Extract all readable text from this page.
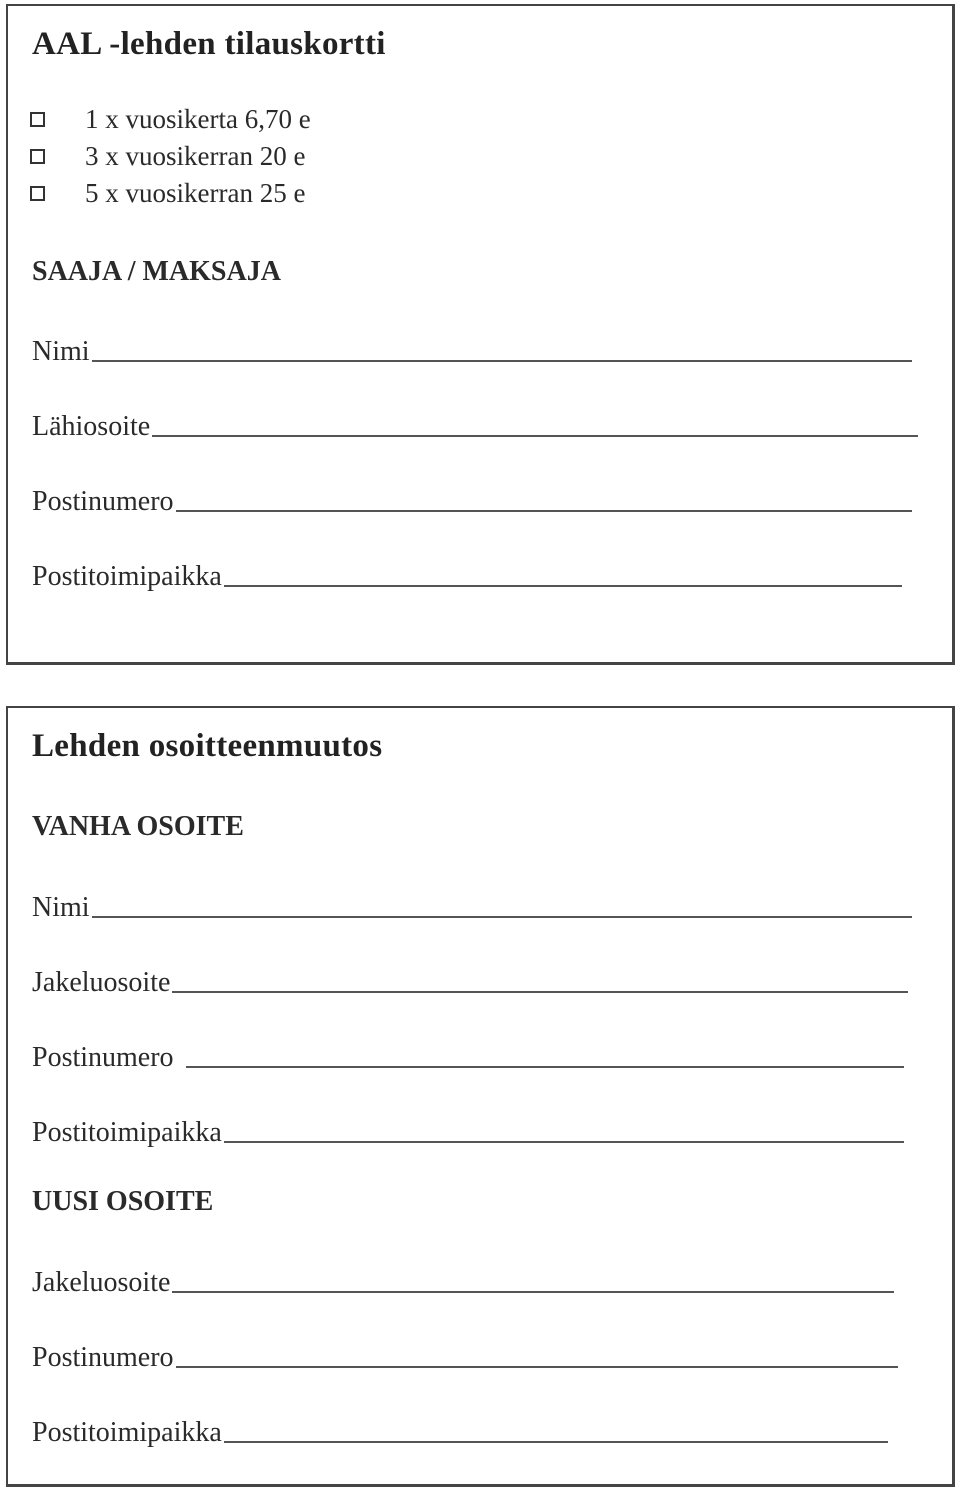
AAL -lehden tilauskortti
1 x vuosikerta 6,70 e
3 x vuosikerran 20 e
5 x vuosikerran 25 e
SAAJA / MAKSAJA
Nimi
Lähiosoite
Postinumero
Postitoimipaikka
Lehden osoitteenmuutos
VANHA OSOITE
Nimi
Jakeluosoite
Postinumero
Postitoimipaikka
UUSI OSOITE
Jakeluosoite
Postinumero
Postitoimipaikka
